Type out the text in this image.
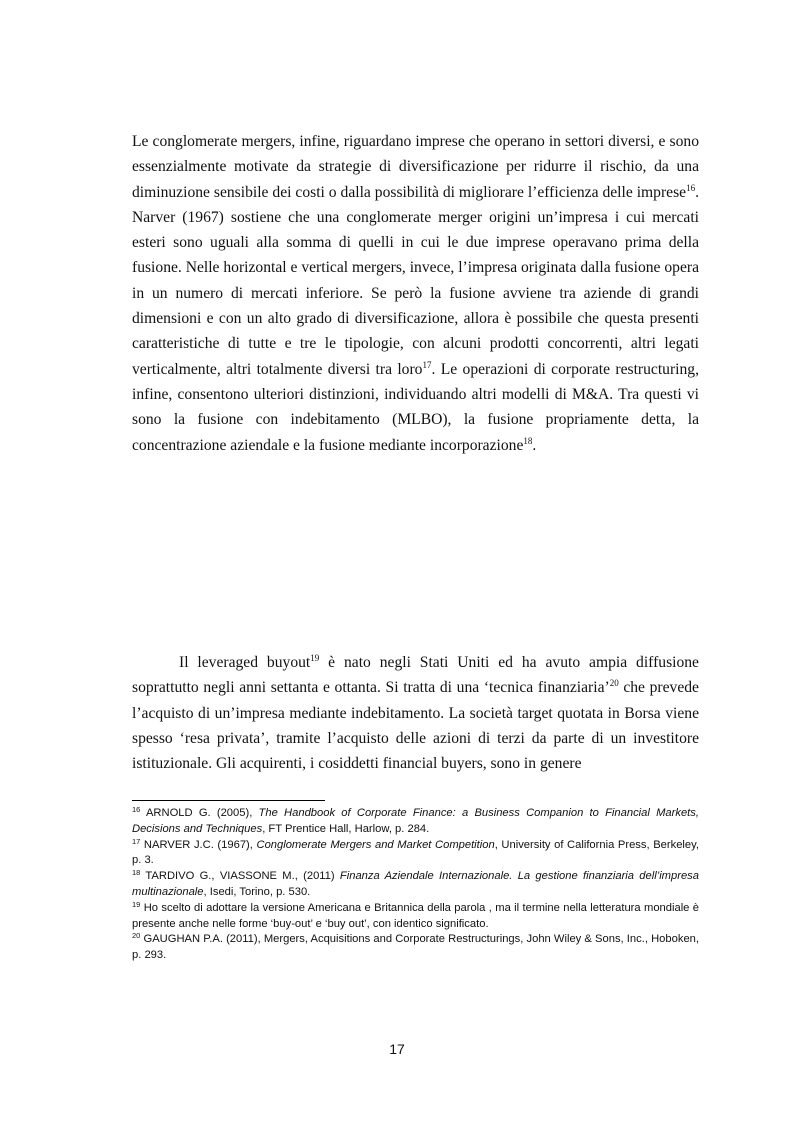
Le conglomerate mergers, infine, riguardano imprese che operano in settori diversi, e sono essenzialmente motivate da strategie di diversificazione per ridurre il rischio, da una diminuzione sensibile dei costi o dalla possibilità di migliorare l’efficienza delle imprese$^{16}$. Narver (1967) sostiene che una conglomerate merger origini un’impresa i cui mercati esteri sono uguali alla somma di quelli in cui le due imprese operavano prima della fusione. Nelle horizontal e vertical mergers, invece, l’impresa originata dalla fusione opera in un numero di mercati inferiore. Se però la fusione avviene tra aziende di grandi dimensioni e con un alto grado di diversificazione, allora è possibile che questa presenti caratteristiche di tutte e tre le tipologie, con alcuni prodotti concorrenti, altri legati verticalmente, altri totalmente diversi tra loro$^{17}$. Le operazioni di corporate restructuring, infine, consentono ulteriori distinzioni, individuando altri modelli di M&A. Tra questi vi sono la fusione con indebitamento (MLBO), la fusione propriamente detta, la concentrazione aziendale e la fusione mediante incorporazione$^{18}$.

Il leveraged buyout$^{19}$ è nato negli Stati Uniti ed ha avuto ampia diffusione soprattutto negli anni settanta e ottanta. Si tratta di una ‘tecnica finanziaria’$^{20}$ che prevede l’acquisto di un’impresa mediante indebitamento. La società target quotata in Borsa viene spesso ‘resa privata’, tramite l’acquisto delle azioni di terzi da parte di un investitore istituzionale. Gli acquirenti, i cosiddetti financial buyers, sono in genere

$^{16}$ ARNOLD G. (2005), The Handbook of Corporate Finance: a Business Companion to Financial Markets, Decisions and Techniques, FT Prentice Hall, Harlow, p. 284.
$^{17}$ NARVER J.C. (1967), Conglomerate Mergers and Market Competition, University of California Press, Berkeley, p. 3.
$^{18}$ TARDIVO G., VIASSONE M., (2011) Finanza Aziendale Internazionale. La gestione finanziaria dell’impresa multinazionale, Isedi, Torino, p. 530.
$^{19}$ Ho scelto di adottare la versione Americana e Britannica della parola , ma il termine nella letteratura mondiale è presente anche nelle forme ‘buy-out’ e ‘buy out’, con identico significato.
$^{20}$ GAUGHAN P.A. (2011), Mergers, Acquisitions and Corporate Restructurings, John Wiley & Sons, Inc., Hoboken, p. 293.
17
